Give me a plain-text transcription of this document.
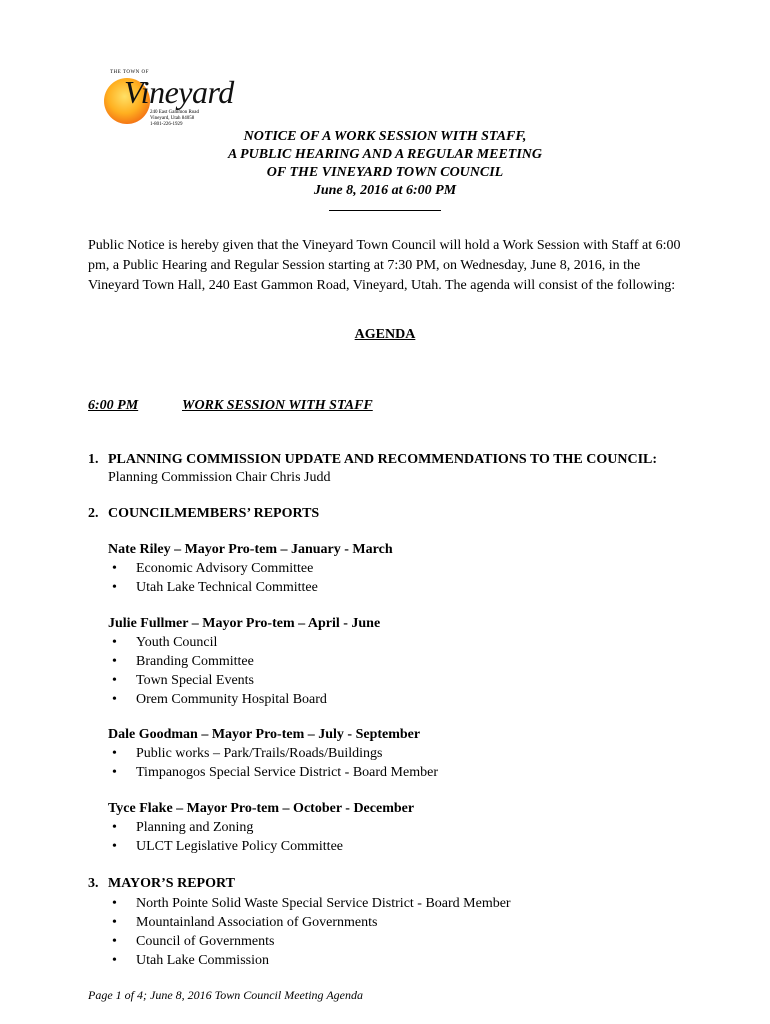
THE TOWN OF
Vineyard
240 East Gammon Road
Vineyard, Utah 84058
1-801-226-1929
NOTICE OF A WORK SESSION WITH STAFF,
A PUBLIC HEARING AND A REGULAR MEETING
OF THE VINEYARD TOWN COUNCIL
June 8, 2016 at 6:00 PM
Public Notice is hereby given that the Vineyard Town Council will hold a Work Session with Staff at 6:00 pm, a Public Hearing and Regular Session starting at 7:30 PM, on Wednesday, June 8, 2016, in the Vineyard Town Hall, 240 East Gammon Road, Vineyard, Utah. The agenda will consist of the following:
AGENDA
6:00 PM	WORK SESSION WITH STAFF
1. PLANNING COMMISSION UPDATE AND RECOMMENDATIONS TO THE COUNCIL: Planning Commission Chair Chris Judd
2. COUNCILMEMBERS’ REPORTS
Nate Riley – Mayor Pro-tem – January - March
• Economic Advisory Committee
• Utah Lake Technical Committee
Julie Fullmer – Mayor Pro-tem – April - June
• Youth Council
• Branding Committee
• Town Special Events
• Orem Community Hospital Board
Dale Goodman – Mayor Pro-tem – July - September
• Public works – Park/Trails/Roads/Buildings
• Timpanogos Special Service District - Board Member
Tyce Flake – Mayor Pro-tem – October - December
• Planning and Zoning
• ULCT Legislative Policy Committee
3. MAYOR’S REPORT
• North Pointe Solid Waste Special Service District - Board Member
• Mountainland Association of Governments
• Council of Governments
• Utah Lake Commission
Page 1 of 4; June 8, 2016 Town Council Meeting Agenda
